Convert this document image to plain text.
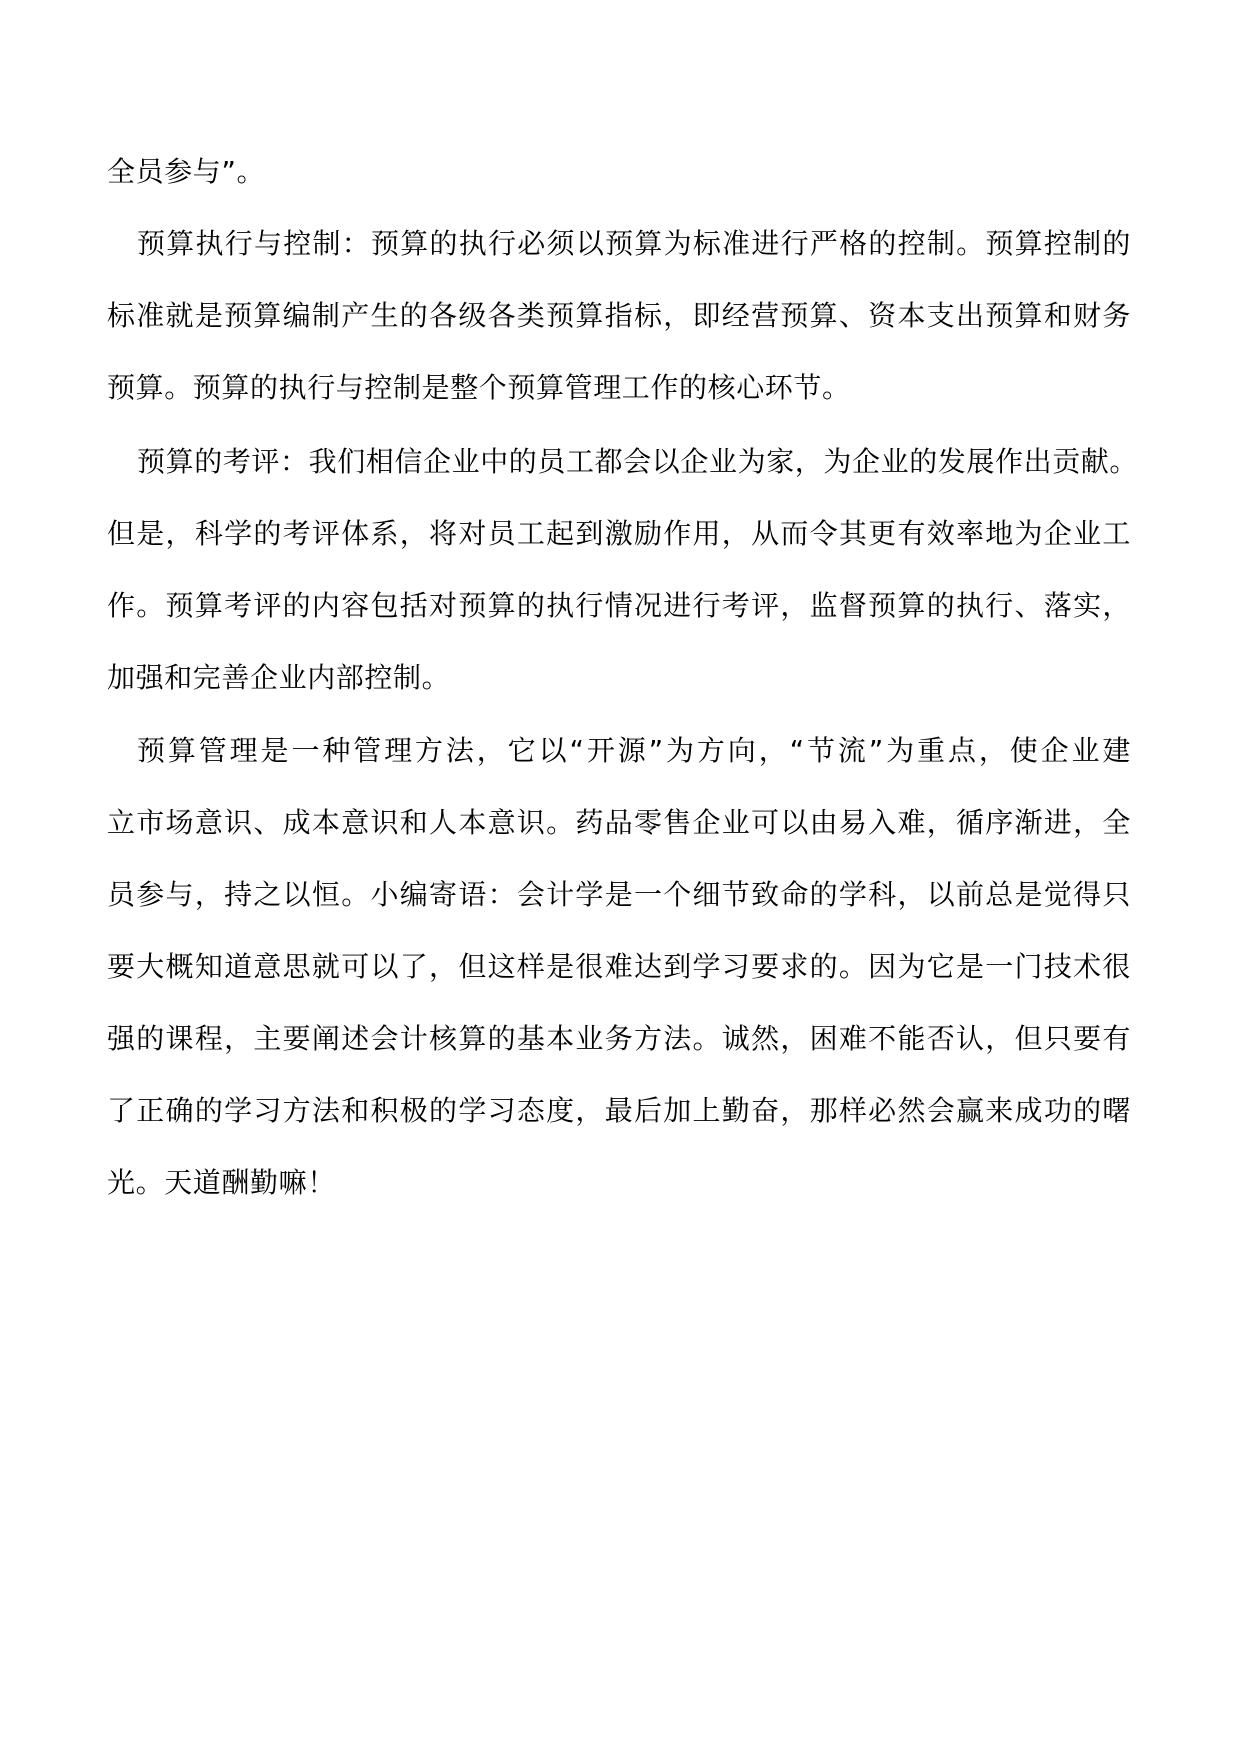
全员参与”。
预算执行与控制：预算的执行必须以预算为标准进行严格的控制。预算控制的
标准就是预算编制产生的各级各类预算指标，即经营预算、资本支出预算和财务
预算。预算的执行与控制是整个预算管理工作的核心环节。
预算的考评：我们相信企业中的员工都会以企业为家，为企业的发展作出贡献。
但是，科学的考评体系，将对员工起到激励作用，从而令其更有效率地为企业工
作。预算考评的内容包括对预算的执行情况进行考评，监督预算的执行、落实，
加强和完善企业内部控制。
预算管理是一种管理方法，它以“开源”为方向，“节流”为重点，使企业建
立市场意识、成本意识和人本意识。药品零售企业可以由易入难，循序渐进，全
员参与，持之以恒。小编寄语：会计学是一个细节致命的学科，以前总是觉得只
要大概知道意思就可以了，但这样是很难达到学习要求的。因为它是一门技术很
强的课程，主要阐述会计核算的基本业务方法。诚然，困难不能否认，但只要有
了正确的学习方法和积极的学习态度，最后加上勤奋，那样必然会赢来成功的曙
光。天道酬勤嘛！
